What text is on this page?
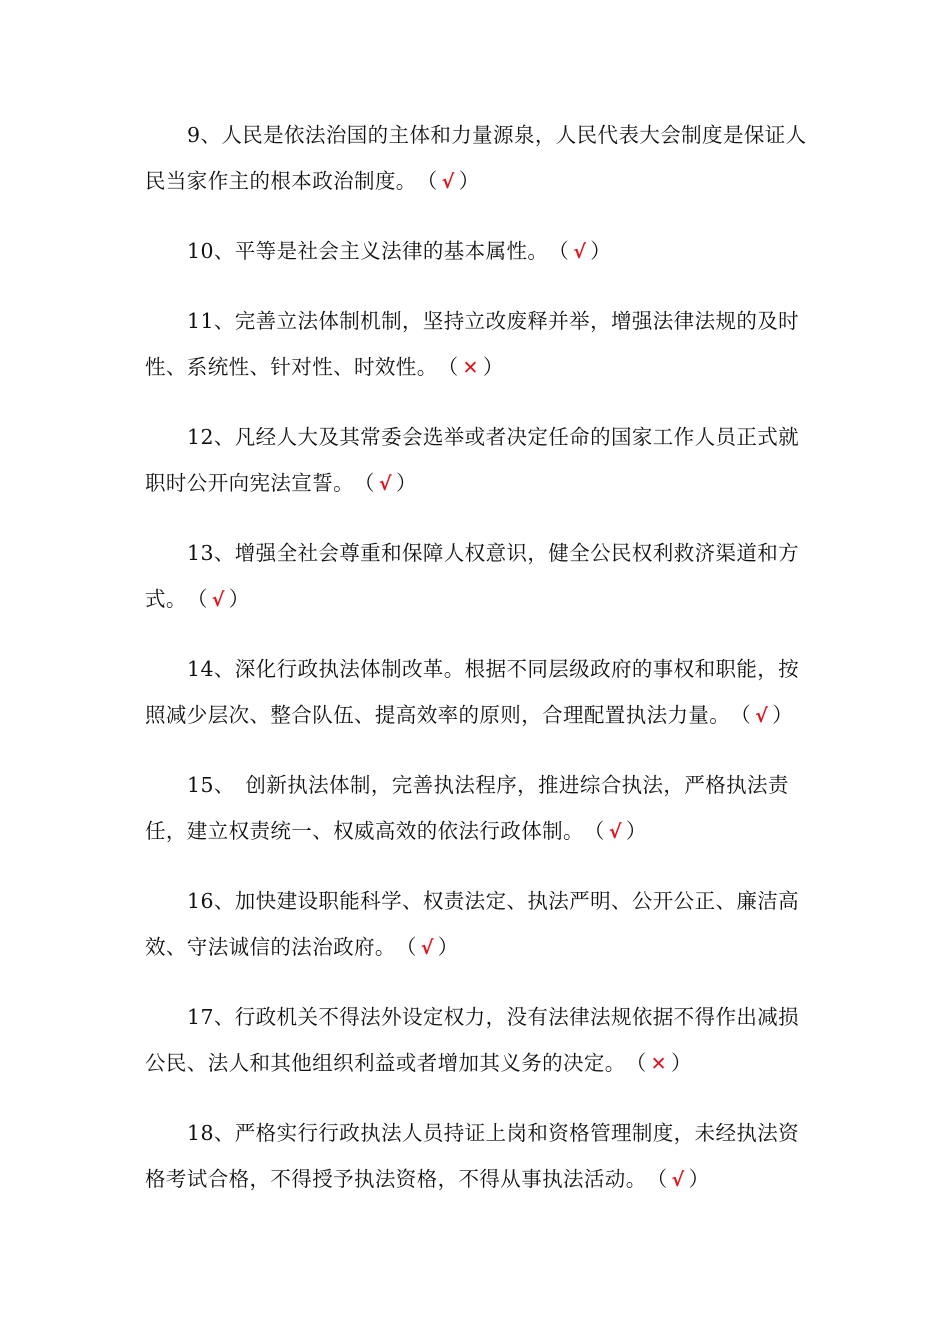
9、人民是依法治国的主体和力量源泉，人民代表大会制度是保证人民当家作主的根本政治制度。（ √ ）
10、平等是社会主义法律的基本属性。（ √ ）
11、完善立法体制机制，坚持立改废释并举，增强法律法规的及时性、系统性、针对性、时效性。（ ✕ ）
12、凡经人大及其常委会选举或者决定任命的国家工作人员正式就职时公开向宪法宣誓。（ √ ）
13、增强全社会尊重和保障人权意识，健全公民权利救济渠道和方式。（ √ ）
14、深化行政执法体制改革。根据不同层级政府的事权和职能，按照减少层次、整合队伍、提高效率的原则，合理配置执法力量。（ √ ）
15、　创新执法体制，完善执法程序，推进综合执法，严格执法责任，建立权责统一、权威高效的依法行政体制。（ √ ）
16、加快建设职能科学、权责法定、执法严明、公开公正、廉洁高效、守法诚信的法治政府。（ √ ）
17、行政机关不得法外设定权力，没有法律法规依据不得作出减损公民、法人和其他组织利益或者增加其义务的决定。（ ✕ ）
18、严格实行行政执法人员持证上岗和资格管理制度，未经执法资格考试合格，不得授予执法资格，不得从事执法活动。（ √ ）
